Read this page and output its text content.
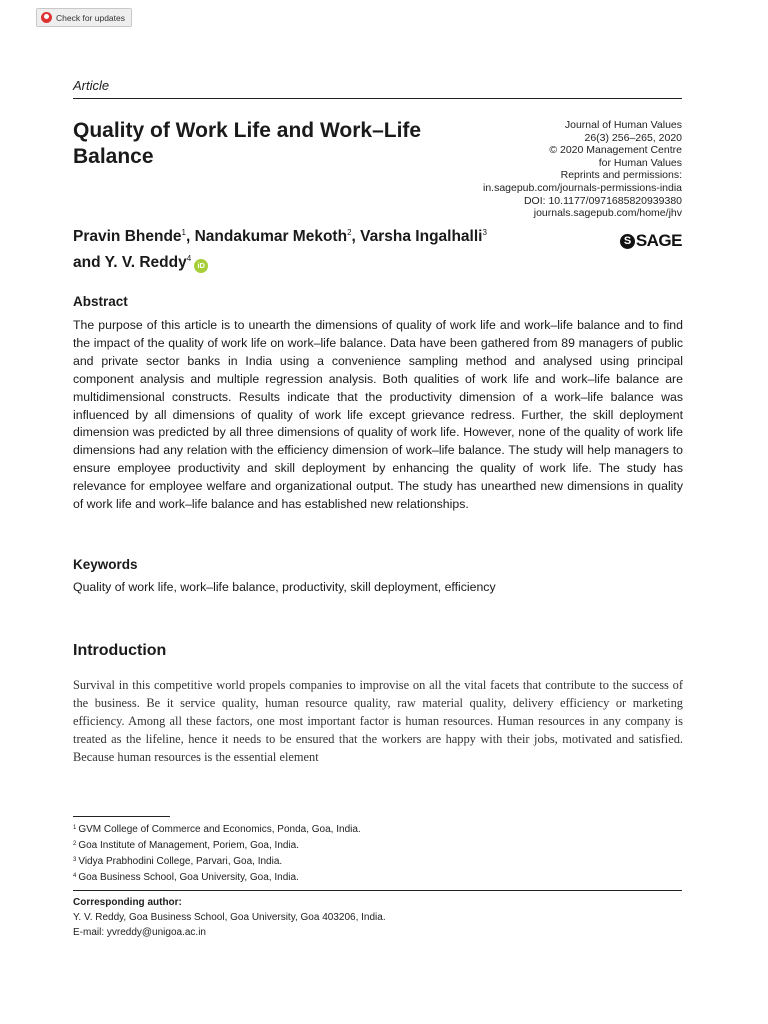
Check for updates
Article
Quality of Work Life and Work–Life Balance
Journal of Human Values
26(3) 256–265, 2020
© 2020 Management Centre
for Human Values
Reprints and permissions:
in.sagepub.com/journals-permissions-india
DOI: 10.1177/0971685820939380
journals.sagepub.com/home/jhv
S SAGE
Pravin Bhende$^1$, Nandakumar Mekoth$^2$, Varsha Ingalhalli$^3$ and Y. V. Reddy$^4$iD
Abstract
The purpose of this article is to unearth the dimensions of quality of work life and work–life balance and to find the impact of the quality of work life on work–life balance. Data have been gathered from 89 managers of public and private sector banks in India using a convenience sampling method and analysed using principal component analysis and multiple regression analysis. Both qualities of work life and work–life balance are multidimensional constructs. Results indicate that the productivity dimension of a work–life balance was influenced by all dimensions of quality of work life except grievance redress. Further, the skill deployment dimension was predicted by all three dimensions of quality of work life. However, none of the quality of work life dimensions had any relation with the efficiency dimension of work–life balance. The study will help managers to ensure employee productivity and skill deployment by enhancing the quality of work life. The study has relevance for employee welfare and organizational output. The study has unearthed new dimensions in quality of work life and work–life balance and has established new relationships.
Keywords
Quality of work life, work–life balance, productivity, skill deployment, efficiency
Introduction
Survival in this competitive world propels companies to improvise on all the vital facets that contribute to the success of the business. Be it service quality, human resource quality, raw material quality, delivery efficiency or marketing efficiency. Among all these factors, one most important factor is human resources. Human resources in any company is treated as the lifeline, hence it needs to be ensured that the workers are happy with their jobs, motivated and satisfied. Because human resources is the essential element
$^1$ GVM College of Commerce and Economics, Ponda, Goa, India.
$^2$ Goa Institute of Management, Poriem, Goa, India.
$^3$ Vidya Prabhodini College, Parvari, Goa, India.
$^4$ Goa Business School, Goa University, Goa, India.
Corresponding author:
Y. V. Reddy, Goa Business School, Goa University, Goa 403206, India.
E-mail: yvreddy@unigoa.ac.in
